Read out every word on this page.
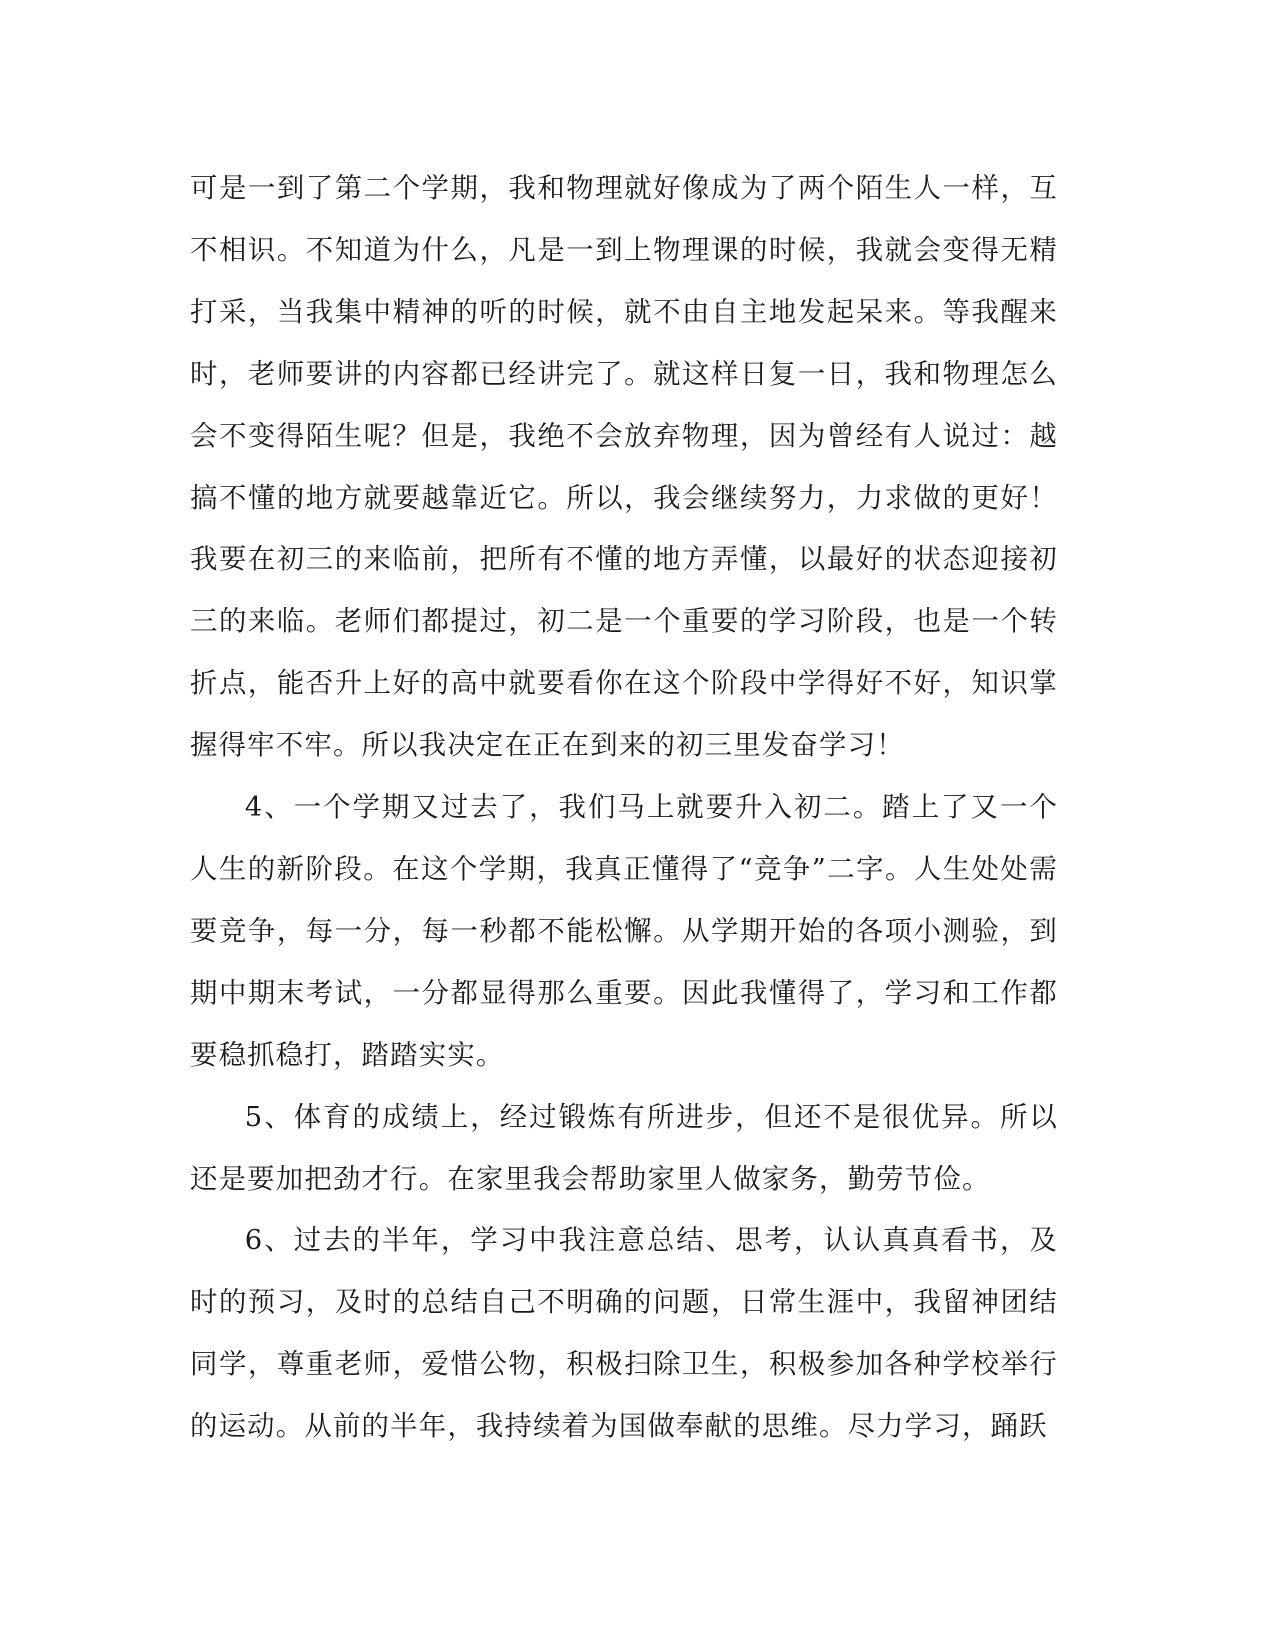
可是一到了第二个学期，我和物理就好像成为了两个陌生人一样，互不相识。不知道为什么，凡是一到上物理课的时候，我就会变得无精打采，当我集中精神的听的时候，就不由自主地发起呆来。等我醒来时，老师要讲的内容都已经讲完了。就这样日复一日，我和物理怎么会不变得陌生呢？但是，我绝不会放弃物理，因为曾经有人说过：越搞不懂的地方就要越靠近它。所以，我会继续努力，力求做的更好！我要在初三的来临前，把所有不懂的地方弄懂，以最好的状态迎接初三的来临。老师们都提过，初二是一个重要的学习阶段，也是一个转折点，能否升上好的高中就要看你在这个阶段中学得好不好，知识掌握得牢不牢。所以我决定在正在到来的初三里发奋学习！

4、一个学期又过去了，我们马上就要升入初二。踏上了又一个人生的新阶段。在这个学期，我真正懂得了“竞争”二字。人生处处需要竞争，每一分，每一秒都不能松懈。从学期开始的各项小测验，到期中期末考试，一分都显得那么重要。因此我懂得了，学习和工作都要稳抓稳打，踏踏实实。

5、体育的成绩上，经过锻炼有所进步，但还不是很优异。所以还是要加把劲才行。在家里我会帮助家里人做家务，勤劳节俭。

6、过去的半年，学习中我注意总结、思考，认认真真看书，及时的预习，及时的总结自己不明确的问题，日常生涯中，我留神团结同学，尊重老师，爱惜公物，积极扫除卫生，积极参加各种学校举行的运动。从前的半年，我持续着为国做奉献的思维。尽力学习，踊跃
